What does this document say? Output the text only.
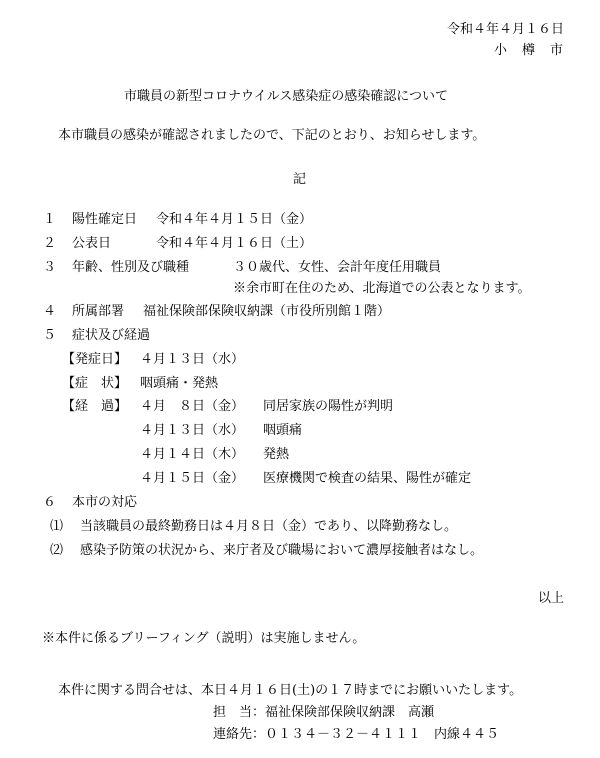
令和４年４月１６日
小　樽　市
市職員の新型コロナウイルス感染症の感染確認について
本市職員の感染が確認されましたので、下記のとおり、お知らせします。
記
１ 陽性確定日 令和４年４月１５日（金）
２ 公表日	令和４年４月１６日（土）
３ 年齢、性別及び職種	３０歳代、女性、会計年度任用職員
※余市町在住のため、北海道での公表となります。
４ 所属部署 福祉保険部保険収納課（市役所別館１階）
５ 症状及び経過
【発症日】 ４月１３日（水）
【症　状】 咽頭痛・発熱
【経　過】 ４月　８日（金） 同居家族の陽性が判明
４月１３日（水） 咽頭痛
４月１４日（木） 発熱
４月１５日（金） 医療機関で検査の結果、陽性が確定
６ 本市の対応
⑴ 当該職員の最終勤務日は４月８日（金）であり、以降勤務なし。
⑵ 感染予防策の状況から、来庁者及び職場において濃厚接触者はなし。
以上
※本件に係るブリーフィング（説明）は実施しません。
本件に関する問合せは、本日４月１６日(土)の１７時までにお願いいたします。
担　当：福祉保険部保険収納課　高瀬
連絡先：０１３４－３２－４１１１　内線４４５
